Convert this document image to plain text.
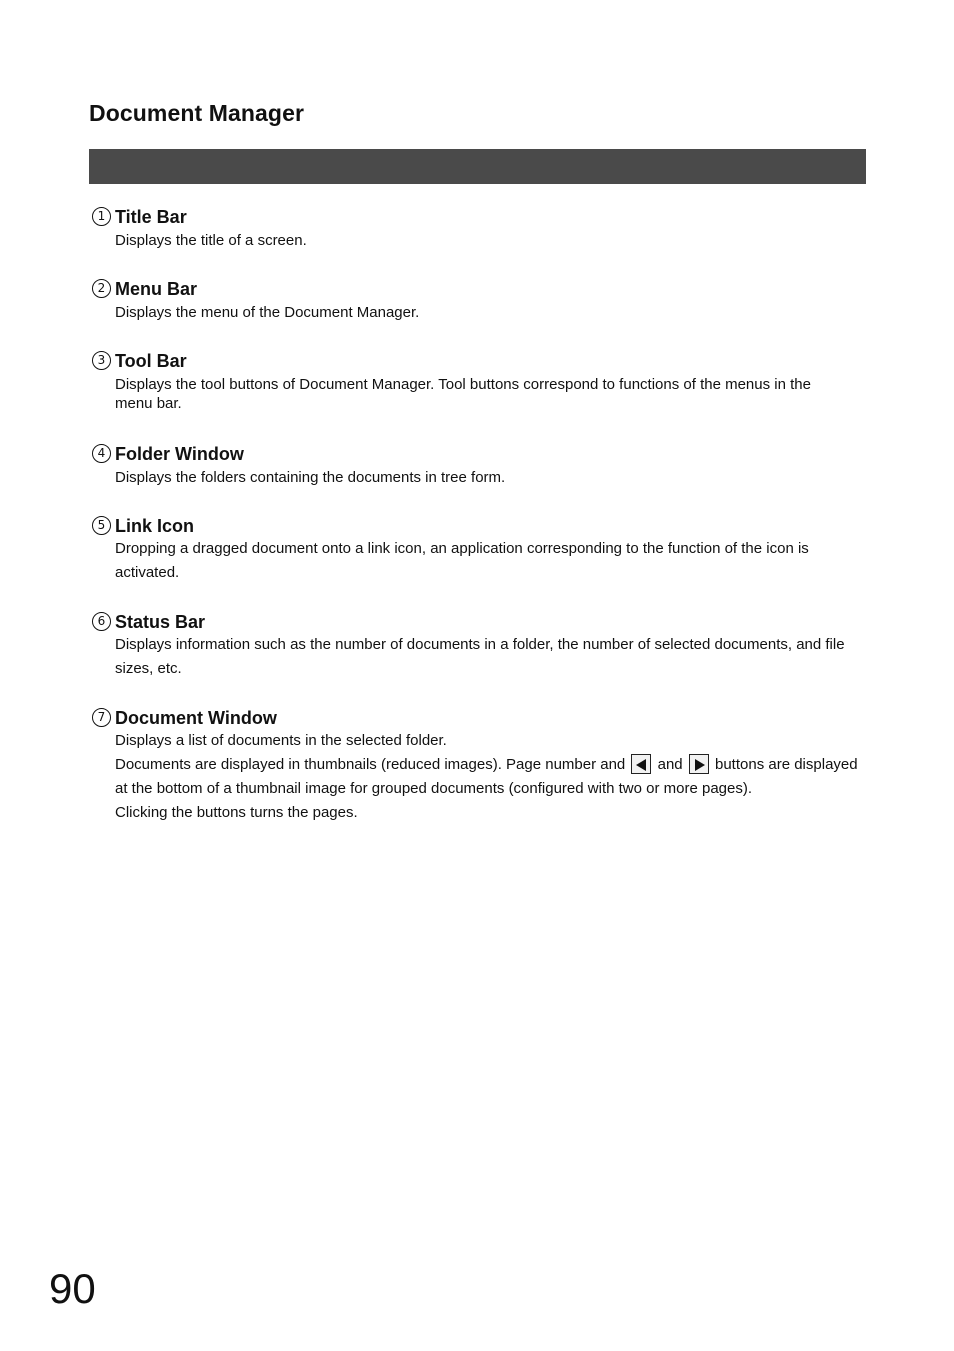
Document Manager
1 Title Bar
Displays the title of a screen.
2 Menu Bar
Displays the menu of the Document Manager.
3 Tool Bar
Displays the tool buttons of Document Manager. Tool buttons correspond to functions of the menus in the menu bar.
4 Folder Window
Displays the folders containing the documents in tree form.
5 Link Icon
Dropping a dragged document onto a link icon, an application corresponding to the function of the icon is activated.
6 Status Bar
Displays information such as the number of documents in a folder, the number of selected documents, and file sizes, etc.
7 Document Window

Displays a list of documents in the selected folder.

Documents are displayed in thumbnails (reduced images). Page number and and buttons are displayed at the bottom of a thumbnail image for grouped documents (configured with two or more pages).

Clicking the buttons turns the pages.

90
